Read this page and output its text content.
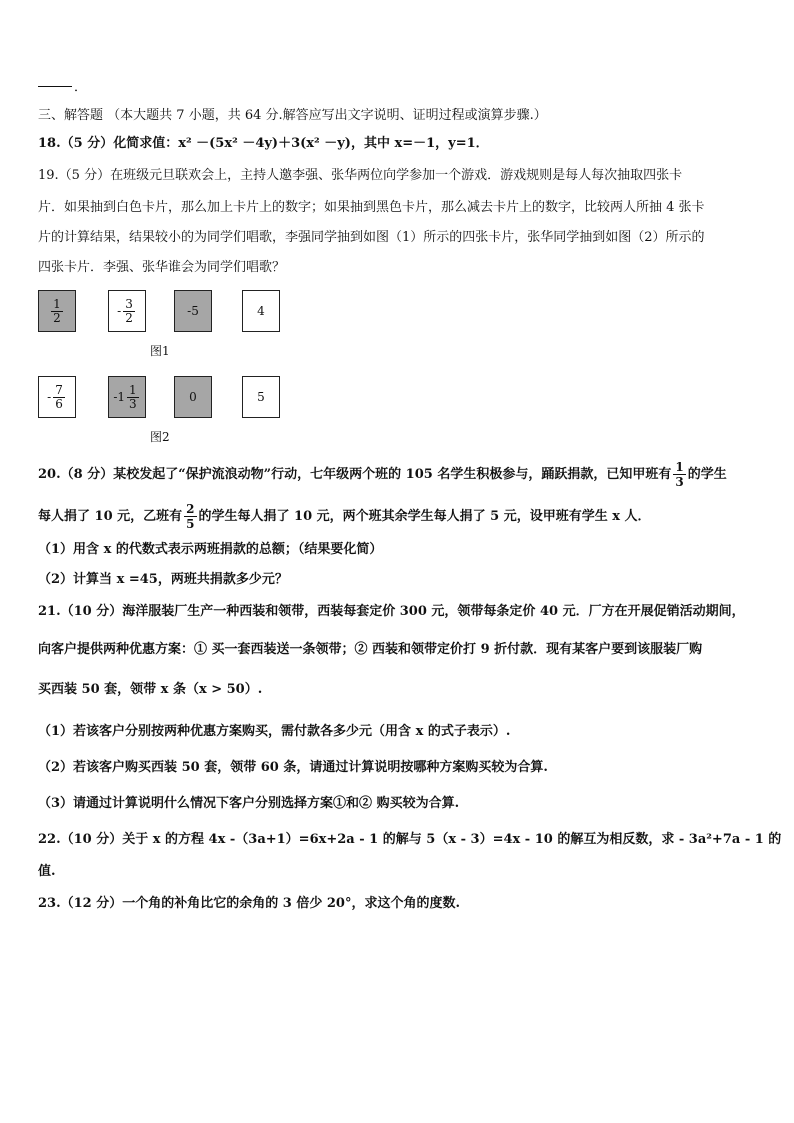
．
三、解答题 （本大题共 7 小题，共 64 分.解答应写出文字说明、证明过程或演算步骤.）
18.（5 分）化简求值：x² －(5x² －4y)＋3(x² －y)，其中 x=－1，y=1．
19.（5 分）在班级元旦联欢会上，主持人邀李强、张华两位向学参加一个游戏．游戏规则是每人每次抽取四张卡
片．如果抽到白色卡片，那么加上卡片上的数字；如果抽到黑色卡片，那么减去卡片上的数字，比较两人所抽 4 张卡
片的计算结果，结果较小的为同学们唱歌，李强同学抽到如图（1）所示的四张卡片，张华同学抽到如图（2）所示的
四张卡片．李强、张华谁会为同学们唱歌？
$\frac{1}{2}$	- $\frac{3}{2}$	-5	4
图1
- $\frac{7}{6}$	$-1 \frac{1}{3}$	0	5
图2
20.（8 分）某校发起了“保护流浪动物”行动，七年级两个班的 105 名学生积极参与，踊跃捐款，已知甲班有 $\frac{1}{3}$ 的学生
每人捐了 10 元，乙班有 $\frac{2}{5}$ 的学生每人捐了 10 元，两个班其余学生每人捐了 5 元，设甲班有学生 x 人．
（1）用含 x 的代数式表示两班捐款的总额；（结果要化简）
（2）计算当 x =45，两班共捐款多少元？
21.（10 分）海洋服装厂生产一种西装和领带，西装每套定价 300 元，领带每条定价 40 元．厂方在开展促销活动期间，
向客户提供两种优惠方案：① 买一套西装送一条领带；② 西装和领带定价打 9 折付款．现有某客户要到该服装厂购
买西装 50 套，领带 x 条（x > 50）.
（1）若该客户分别按两种优惠方案购买，需付款各多少元（用含 x 的式子表示）.
（2）若该客户购买西装 50 套，领带 60 条，请通过计算说明按哪种方案购买较为合算.
（3）请通过计算说明什么情况下客户分别选择方案①和② 购买较为合算.
22.（10 分）关于 x 的方程 4x -（3a+1）=6x+2a - 1 的解与 5（x - 3）=4x - 10 的解互为相反数，求 - 3a²+7a - 1 的
值.
23.（12 分）一个角的补角比它的余角的 3 倍少 20°，求这个角的度数.
